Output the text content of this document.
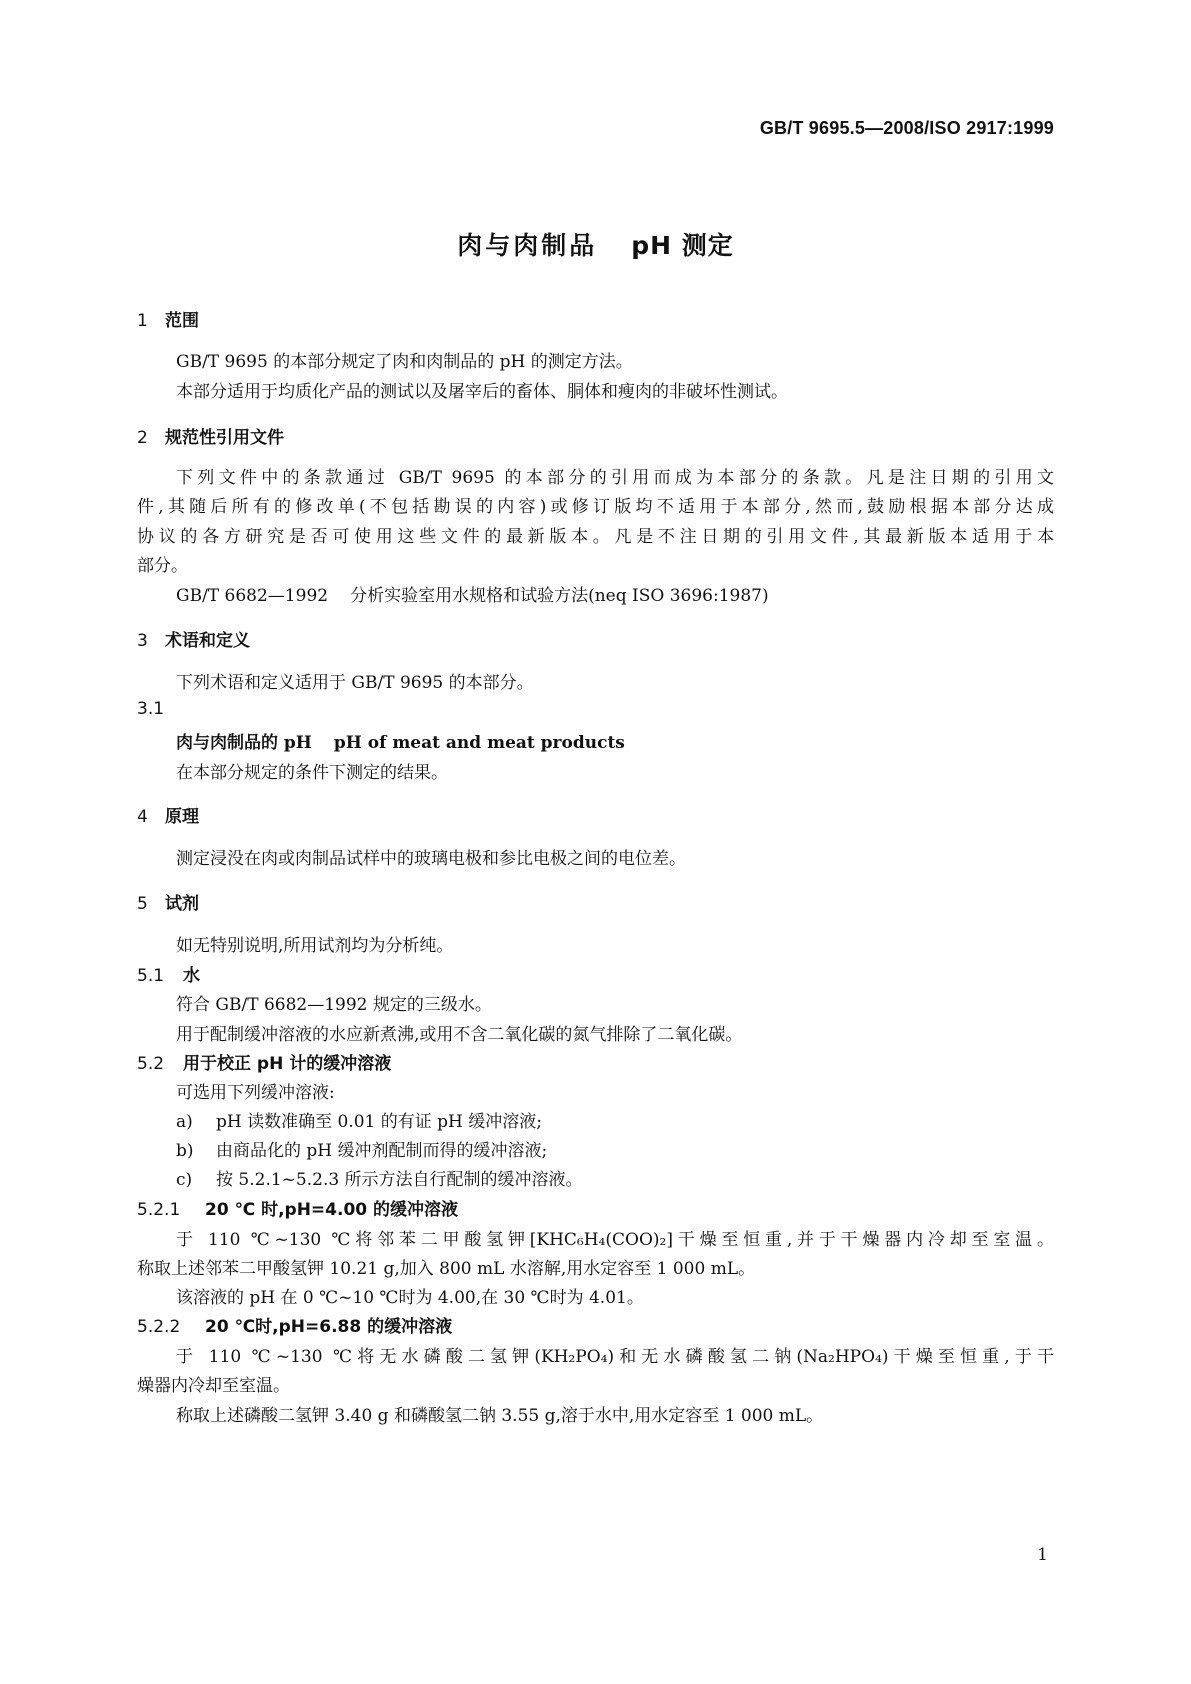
GB/T 9695.5—2008/ISO 2917:1999
肉与肉制品 pH 测定
1 范围
GB/T 9695 的本部分规定了肉和肉制品的 pH 的测定方法。
本部分适用于均质化产品的测试以及屠宰后的畜体、胴体和瘦肉的非破坏性测试。
2 规范性引用文件
下列文件中的条款通过 GB/T 9695 的本部分的引用而成为本部分的条款。凡是注日期的引用文
件,其随后所有的修改单(不包括勘误的内容)或修订版均不适用于本部分,然而,鼓励根据本部分达成
协议的各方研究是否可使用这些文件的最新版本。凡是不注日期的引用文件,其最新版本适用于本
部分。
GB/T 6682—1992 分析实验室用水规格和试验方法(neq ISO 3696:1987)
3 术语和定义
下列术语和定义适用于 GB/T 9695 的本部分。
3.1
肉与肉制品的 pH pH of meat and meat products
在本部分规定的条件下测定的结果。
4 原理
测定浸没在肉或肉制品试样中的玻璃电极和参比电极之间的电位差。
5 试剂
如无特别说明,所用试剂均为分析纯。
5.1 水
符合 GB/T 6682—1992 规定的三级水。
用于配制缓冲溶液的水应新煮沸,或用不含二氧化碳的氮气排除了二氧化碳。
5.2 用于校正 pH 计的缓冲溶液
可选用下列缓冲溶液:
a) pH 读数准确至 0.01 的有证 pH 缓冲溶液;
b) 由商品化的 pH 缓冲剂配制而得的缓冲溶液;
c) 按 5.2.1~5.2.3 所示方法自行配制的缓冲溶液。
5.2.1 20 ℃ 时,pH=4.00 的缓冲溶液
于 110 ℃~130 ℃将邻苯二甲酸氢钾[KHC₆H₄(COO)₂]干燥至恒重,并于干燥器内冷却至室温。
称取上述邻苯二甲酸氢钾 10.21 g,加入 800 mL 水溶解,用水定容至 1 000 mL。
该溶液的 pH 在 0 ℃~10 ℃时为 4.00,在 30 ℃时为 4.01。
5.2.2 20 ℃时,pH=6.88 的缓冲溶液
于 110 ℃~130 ℃将无水磷酸二氢钾(KH₂PO₄)和无水磷酸氢二钠(Na₂HPO₄)干燥至恒重,于干
燥器内冷却至室温。
称取上述磷酸二氢钾 3.40 g 和磷酸氢二钠 3.55 g,溶于水中,用水定容至 1 000 mL。
1
